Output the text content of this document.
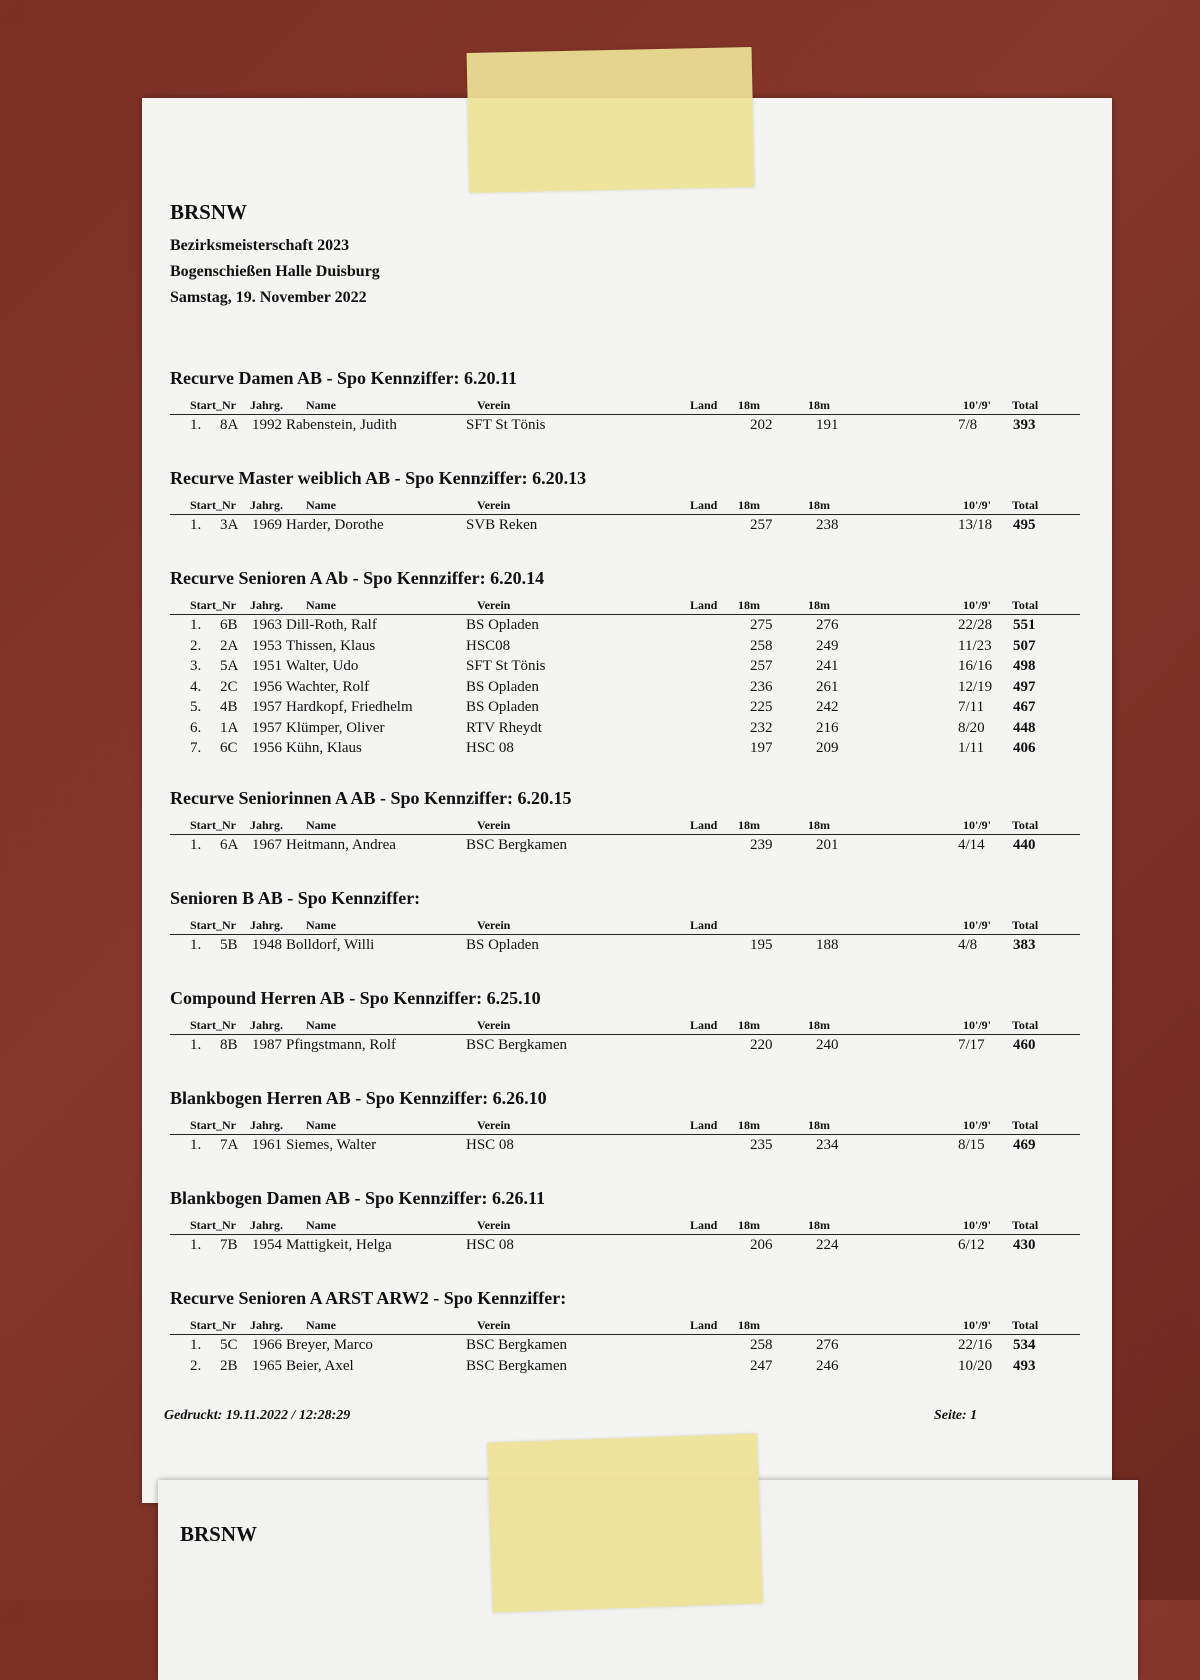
BRSNW
Bezirksmeisterschaft 2023
Bogenschießen Halle Duisburg
Samstag, 19. November 2022
Recurve Damen AB - Spo Kennziffer: 6.20.11
Start_Nr Jahrg. Name	Verein	Land 18m	18m	10'/9' Total
1. 8A 1992 Rabenstein, Judith	SFT St Tönis	202	191	7/8 393
Recurve Master weiblich AB - Spo Kennziffer: 6.20.13
Start_Nr Jahrg. Name	Verein	Land 18m	18m	10'/9' Total
1. 3A 1969 Harder, Dorothe	SVB Reken	257	238	13/18 495
Recurve Senioren A Ab - Spo Kennziffer: 6.20.14
Start_Nr Jahrg. Name	Verein	Land 18m	18m	10'/9' Total
1. 6B 1963 Dill-Roth, Ralf	BS Opladen	275	276	22/28 551
2. 2A 1953 Thissen, Klaus	HSC08	258	249	11/23 507
3. 5A 1951 Walter, Udo	SFT St Tönis	257	241	16/16 498
4. 2C 1956 Wachter, Rolf	BS Opladen	236	261	12/19 497
5. 4B 1957 Hardkopf, Friedhelm	BS Opladen	225	242	7/11 467
6. 1A 1957 Klümper, Oliver	RTV Rheydt	232	216	8/20 448
7. 6C 1956 Kühn, Klaus	HSC 08	197	209	1/11 406
Recurve Seniorinnen A AB - Spo Kennziffer: 6.20.15
Start_Nr Jahrg. Name	Verein	Land 18m	18m	10'/9' Total
1. 6A 1967 Heitmann, Andrea	BSC Bergkamen	239	201	4/14 440
Senioren B AB - Spo Kennziffer:
Start_Nr Jahrg. Name	Verein	Land	10'/9' Total
1. 5B 1948 Bolldorf, Willi	BS Opladen	195	188	4/8 383
Compound Herren AB - Spo Kennziffer: 6.25.10
Start_Nr Jahrg. Name	Verein	Land 18m	18m	10'/9' Total
1. 8B 1987 Pfingstmann, Rolf	BSC Bergkamen	220	240	7/17 460
Blankbogen Herren AB - Spo Kennziffer: 6.26.10
Start_Nr Jahrg. Name	Verein	Land 18m	18m	10'/9' Total
1. 7A 1961 Siemes, Walter	HSC 08	235	234	8/15 469
Blankbogen Damen AB - Spo Kennziffer: 6.26.11
Start_Nr Jahrg. Name	Verein	Land 18m	18m	10'/9' Total
1. 7B 1954 Mattigkeit, Helga	HSC 08	206	224	6/12 430
Recurve Senioren A ARST ARW2 - Spo Kennziffer:
Start_Nr Jahrg. Name	Verein	Land 18m	10'/9' Total
1. 5C 1966 Breyer, Marco	BSC Bergkamen	258	276	22/16 534
2. 2B 1965 Beier, Axel	BSC Bergkamen	247	246	10/20 493
Gedruckt: 19.11.2022 / 12:28:29	Seite: 1
BRSNW
